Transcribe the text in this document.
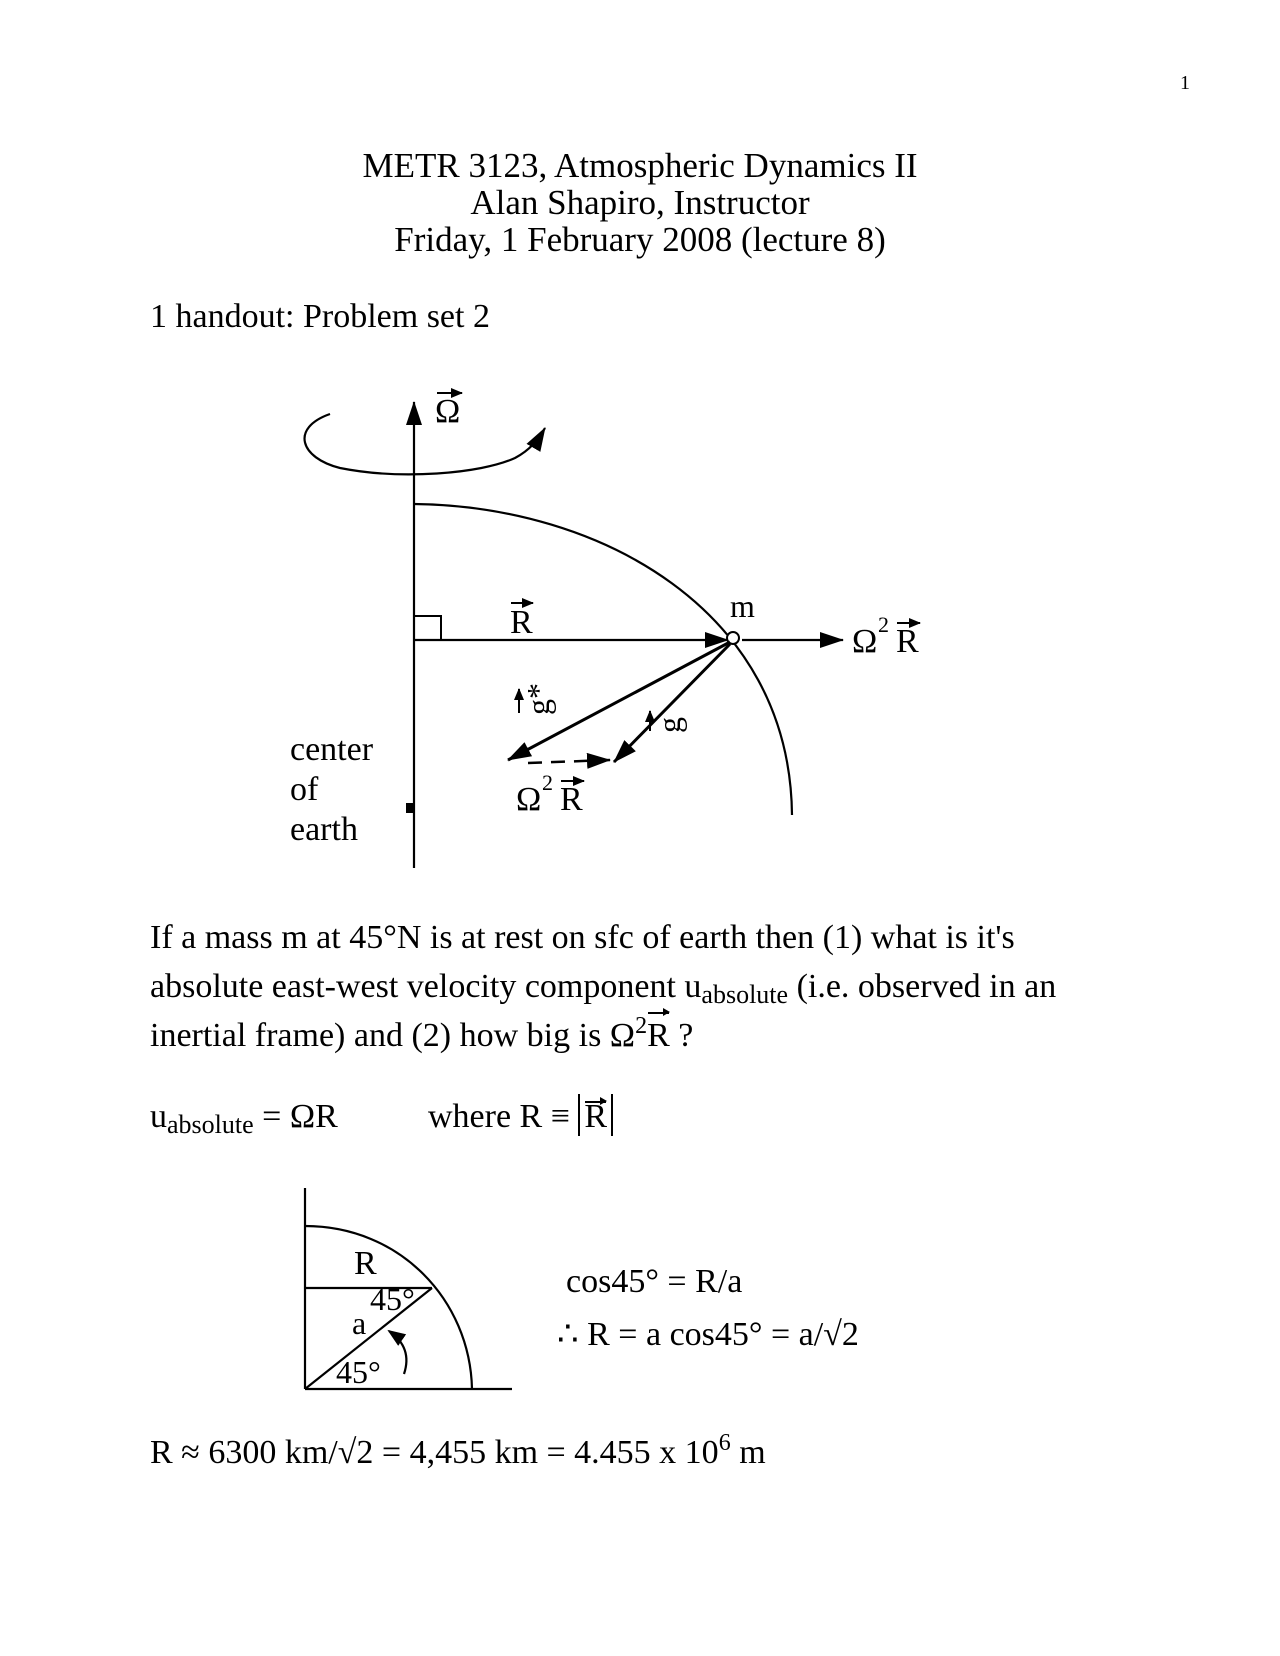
1
METR 3123, Atmospheric Dynamics II
Alan Shapiro, Instructor
Friday, 1 February 2008 (lecture 8)
1 handout: Problem set 2
Ω
R	m
Ω 2 R
g*
g
Ω 2 R
center
of
earth
If a mass m at 45°N is at rest on sfc of earth then (1) what is it's absolute east-west velocity component $u_{absolute}$ (i.e. observed in an inertial frame) and (2) how big is $\Omega^2R$ ?
$u_{absolute} = \Omega R$	where R ≡ R
R
45°
a
45°
cos45° = R/a
∴ R = a cos45° = a/√2
R ≈ 6300 km/√2 = 4,455 km = 4.455 x $10^6$ m
